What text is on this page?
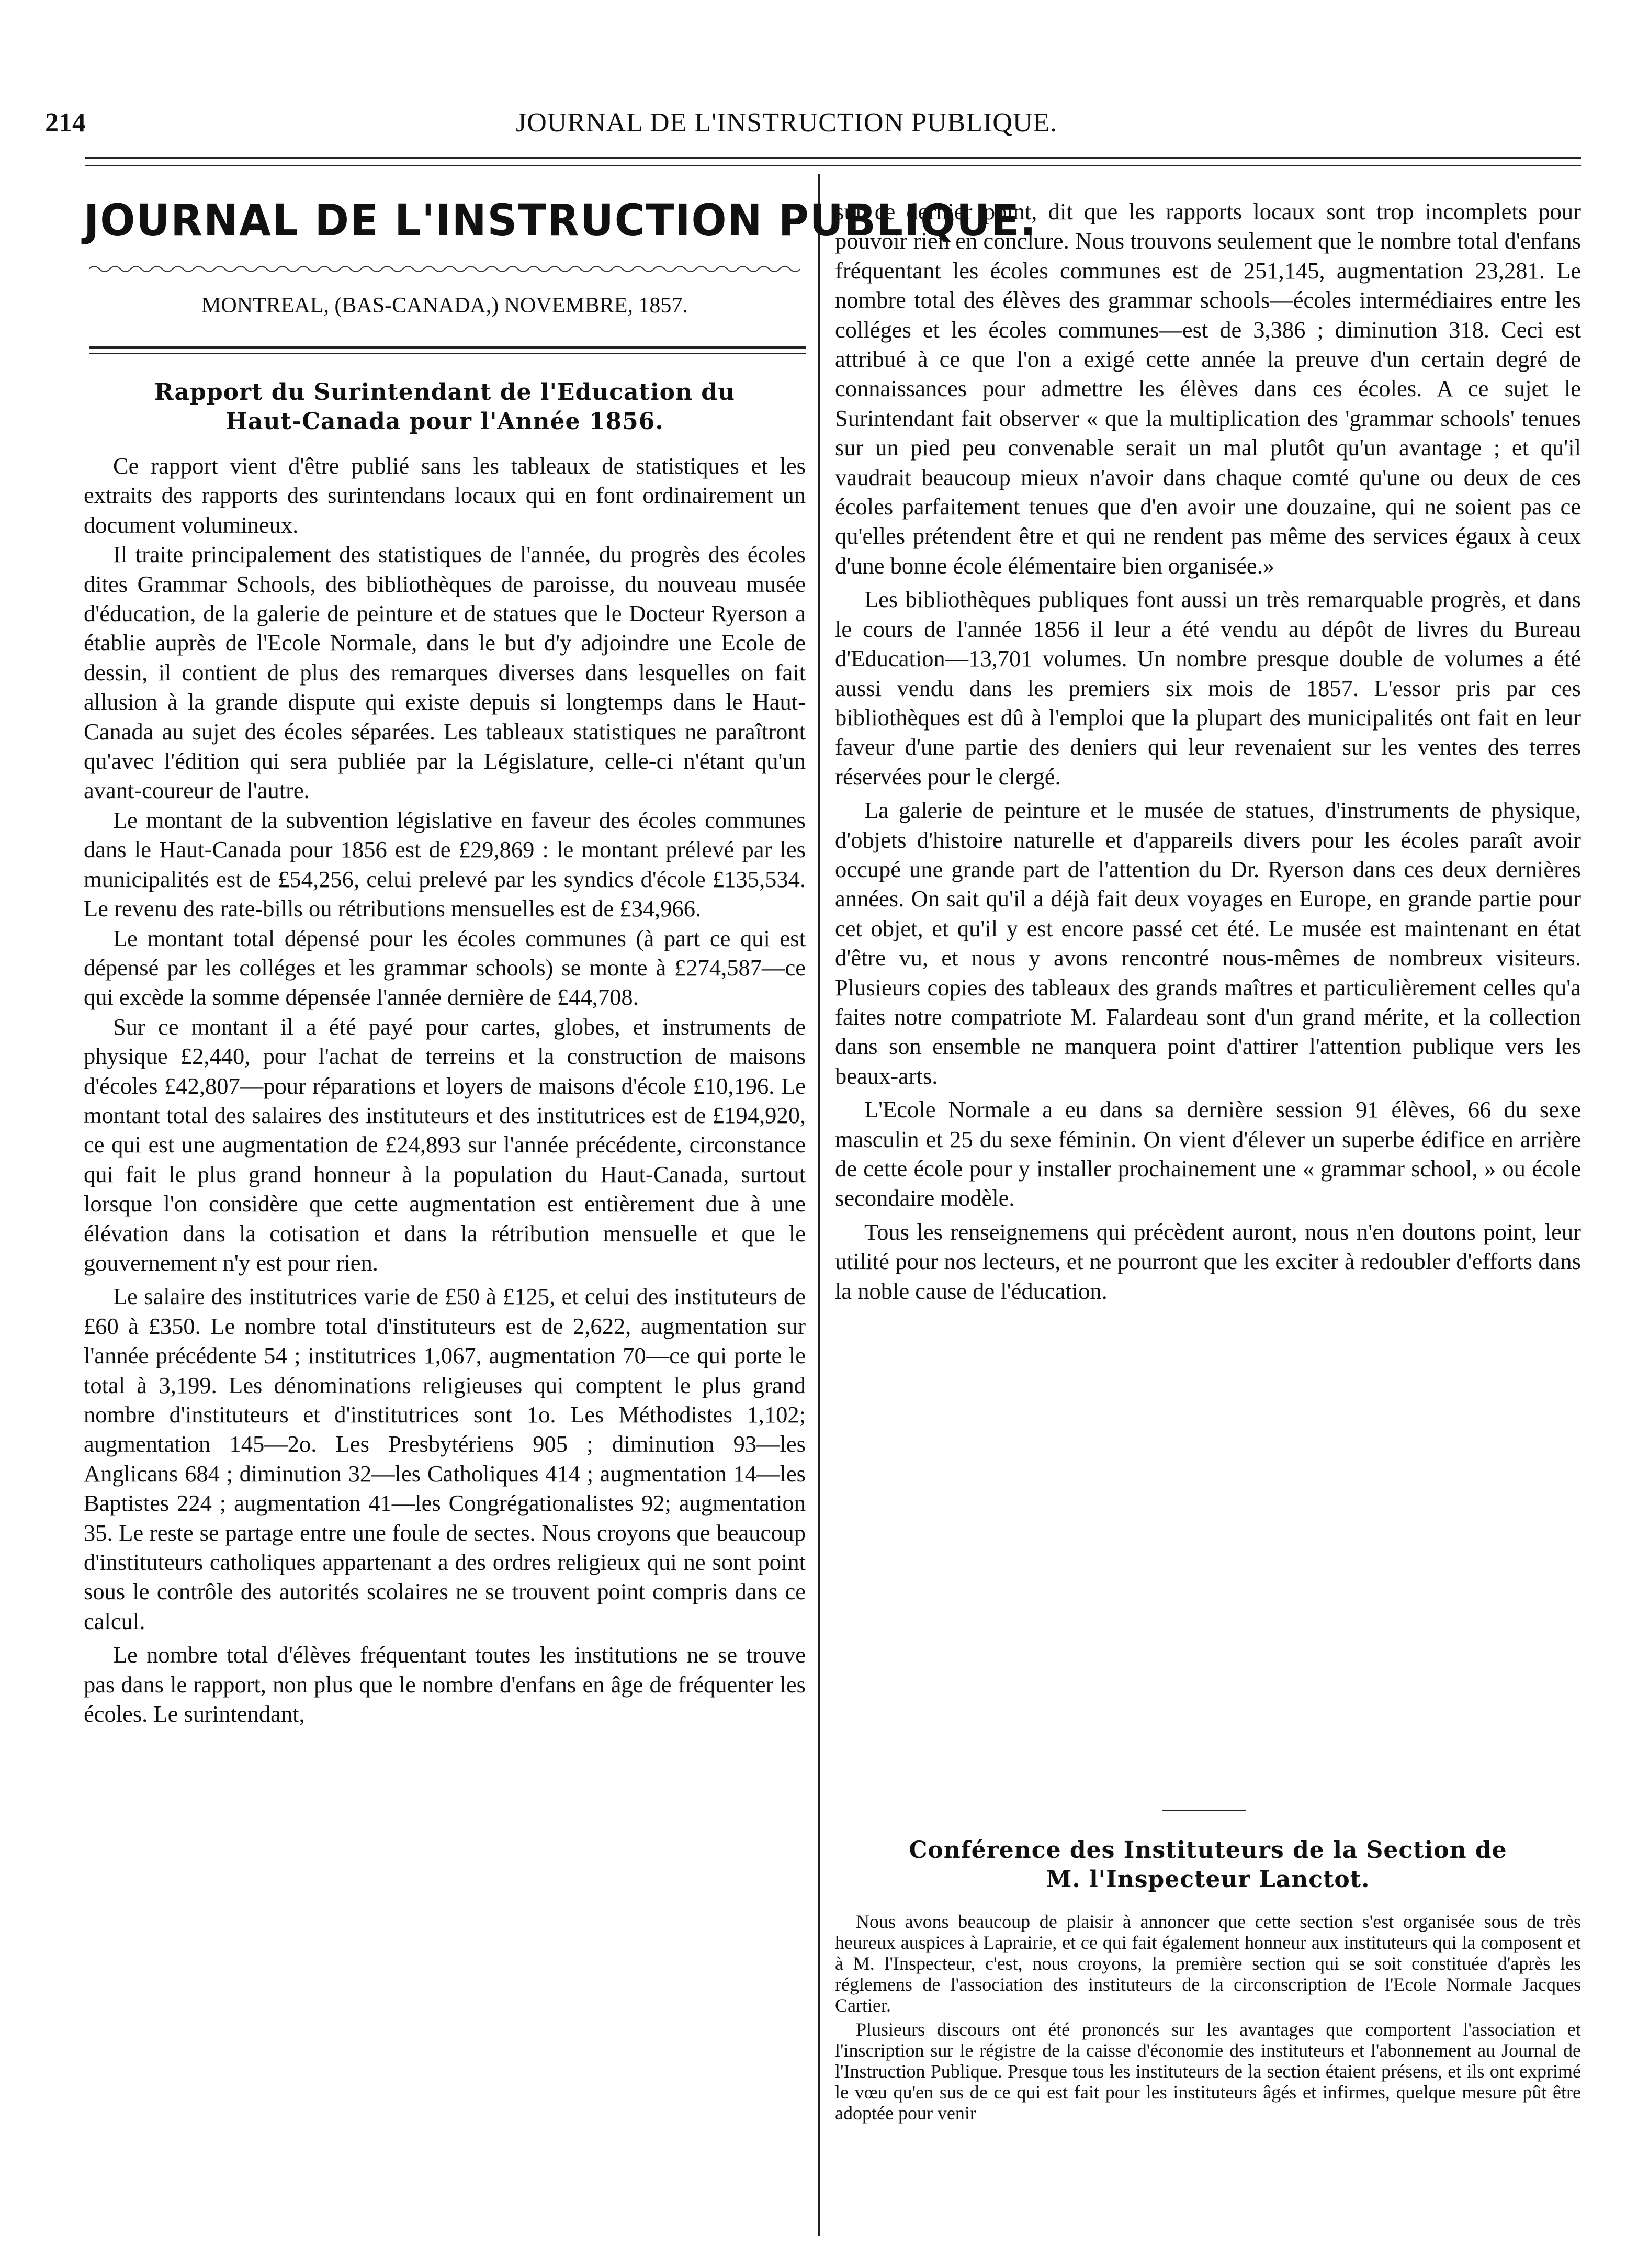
214	JOURNAL DE L'INSTRUCTION PUBLIQUE.
JOURNAL DE L'INSTRUCTION PUBLIQUE.
MONTREAL, (BAS-CANADA,) NOVEMBRE, 1857.
Rapport du Surintendant de l'Education du
Haut-Canada pour l'Année 1856.

Ce rapport vient d'être publié sans les tableaux de statistiques et les extraits des rapports des surintendans locaux qui en font ordinairement un document volumineux.

Il traite principalement des statistiques de l'année, du progrès des écoles dites Grammar Schools, des bibliothèques de paroisse, du nouveau musée d'éducation, de la galerie de peinture et de statues que le Docteur Ryerson a établie auprès de l'Ecole Normale, dans le but d'y adjoindre une Ecole de dessin, il contient de plus des remarques diverses dans lesquelles on fait allusion à la grande dispute qui existe depuis si longtemps dans le Haut-Canada au sujet des écoles séparées. Les tableaux statistiques ne paraîtront qu'avec l'édition qui sera publiée par la Législature, celle-ci n'étant qu'un avant-coureur de l'autre.

Le montant de la subvention législative en faveur des écoles communes dans le Haut-Canada pour 1856 est de £29,869 : le montant prélevé par les municipalités est de £54,256, celui prelevé par les syndics d'école £135,534. Le revenu des rate-bills ou rétributions mensuelles est de £34,966.

Le montant total dépensé pour les écoles communes (à part ce qui est dépensé par les colléges et les grammar schools) se monte à £274,587—ce qui excède la somme dépensée l'année dernière de £44,708.

Sur ce montant il a été payé pour cartes, globes, et instruments de physique £2,440, pour l'achat de terreins et la construction de maisons d'écoles £42,807—pour réparations et loyers de maisons d'école £10,196. Le montant total des salaires des instituteurs et des institutrices est de £194,920, ce qui est une augmentation de £24,893 sur l'année précédente, circonstance qui fait le plus grand honneur à la population du Haut-Canada, surtout lorsque l'on considère que cette augmentation est entièrement due à une élévation dans la cotisation et dans la rétribution mensuelle et que le gouvernement n'y est pour rien.

Le salaire des institutrices varie de £50 à £125, et celui des instituteurs de £60 à £350. Le nombre total d'instituteurs est de 2,622, augmentation sur l'année précédente 54 ; institutrices 1,067, augmentation 70—ce qui porte le total à 3,199. Les dénominations religieuses qui comptent le plus grand nombre d'instituteurs et d'institutrices sont 1o. Les Méthodistes 1,102; augmentation 145—2o. Les Presbytériens 905 ; diminution 93—les Anglicans 684 ; diminution 32—les Catholiques 414 ; augmentation 14—les Baptistes 224 ; augmentation 41—les Congrégationalistes 92; augmentation 35. Le reste se partage entre une foule de sectes. Nous croyons que beaucoup d'instituteurs catholiques appartenant a des ordres religieux qui ne sont point sous le contrôle des autorités scolaires ne se trouvent point compris dans ce calcul.

Le nombre total d'élèves fréquentant toutes les institutions ne se trouve pas dans le rapport, non plus que le nombre d'enfans en âge de fréquenter les écoles. Le surintendant,

sur ce dernier point, dit que les rapports locaux sont trop incomplets pour pouvoir rien en conclure. Nous trouvons seulement que le nombre total d'enfans fréquentant les écoles communes est de 251,145, augmentation 23,281. Le nombre total des élèves des grammar schools—écoles intermédiaires entre les colléges et les écoles communes—est de 3,386 ; diminution 318. Ceci est attribué à ce que l'on a exigé cette année la preuve d'un certain degré de connaissances pour admettre les élèves dans ces écoles. A ce sujet le Surintendant fait observer « que la multiplication des 'grammar schools' tenues sur un pied peu convenable serait un mal plutôt qu'un avantage ; et qu'il vaudrait beaucoup mieux n'avoir dans chaque comté qu'une ou deux de ces écoles parfaitement tenues que d'en avoir une douzaine, qui ne soient pas ce qu'elles prétendent être et qui ne rendent pas même des services égaux à ceux d'une bonne école élémentaire bien organisée.»

Les bibliothèques publiques font aussi un très remarquable progrès, et dans le cours de l'année 1856 il leur a été vendu au dépôt de livres du Bureau d'Education—13,701 volumes. Un nombre presque double de volumes a été aussi vendu dans les premiers six mois de 1857. L'essor pris par ces bibliothèques est dû à l'emploi que la plupart des municipalités ont fait en leur faveur d'une partie des deniers qui leur revenaient sur les ventes des terres réservées pour le clergé.

La galerie de peinture et le musée de statues, d'instruments de physique, d'objets d'histoire naturelle et d'appareils divers pour les écoles paraît avoir occupé une grande part de l'attention du Dr. Ryerson dans ces deux dernières années. On sait qu'il a déjà fait deux voyages en Europe, en grande partie pour cet objet, et qu'il y est encore passé cet été. Le musée est maintenant en état d'être vu, et nous y avons rencontré nous-mêmes de nombreux visiteurs. Plusieurs copies des tableaux des grands maîtres et particulièrement celles qu'a faites notre compatriote M. Falardeau sont d'un grand mérite, et la collection dans son ensemble ne manquera point d'attirer l'attention publique vers les beaux-arts.

L'Ecole Normale a eu dans sa dernière session 91 élèves, 66 du sexe masculin et 25 du sexe féminin. On vient d'élever un superbe édifice en arrière de cette école pour y installer prochainement une « grammar school, » ou école secondaire modèle.

Tous les renseignemens qui précèdent auront, nous n'en doutons point, leur utilité pour nos lecteurs, et ne pourront que les exciter à redoubler d'efforts dans la noble cause de l'éducation.

Conférence des Instituteurs de la Section de
M. l'Inspecteur Lanctot.

Nous avons beaucoup de plaisir à annoncer que cette section s'est organisée sous de très heureux auspices à Laprairie, et ce qui fait également honneur aux instituteurs qui la composent et à M. l'Inspecteur, c'est, nous croyons, la première section qui se soit constituée d'après les réglemens de l'association des instituteurs de la circonscription de l'Ecole Normale Jacques Cartier.

Plusieurs discours ont été prononcés sur les avantages que comportent l'association et l'inscription sur le régistre de la caisse d'économie des instituteurs et l'abonnement au Journal de l'Instruction Publique. Presque tous les instituteurs de la section étaient présens, et ils ont exprimé le vœu qu'en sus de ce qui est fait pour les instituteurs âgés et infirmes, quelque mesure pût être adoptée pour venir
